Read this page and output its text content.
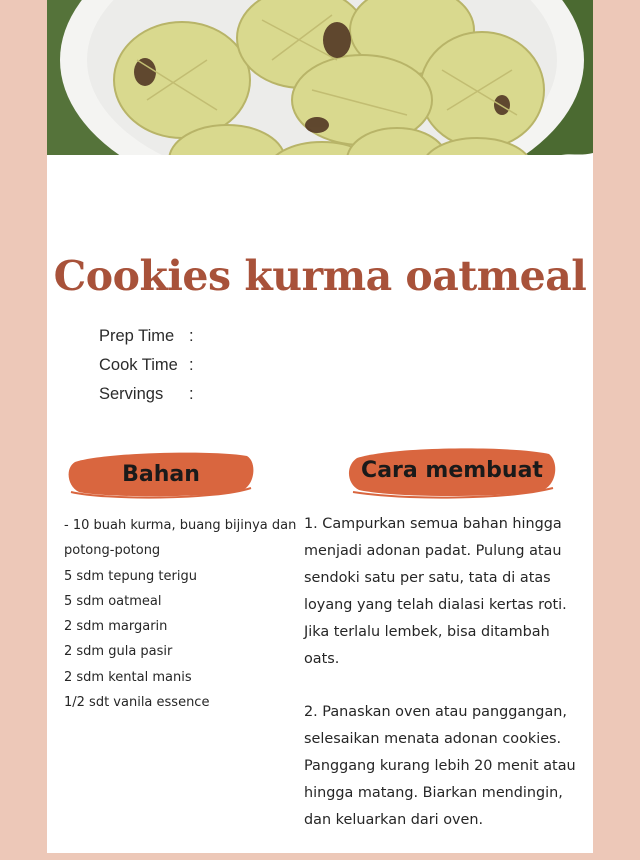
Cookies kurma oatmeal
Prep Time :
Cook Time :
Servings :
Bahan	Cara membuat
- 10 buah kurma, buang bijinya dan potong-potong
5 sdm tepung terigu
5 sdm oatmeal
2 sdm margarin
2 sdm gula pasir
2 sdm kental manis
1/2 sdt vanila essence

1. Campurkan semua bahan hingga menjadi adonan padat. Pulung atau sendoki satu per satu, tata di atas loyang yang telah dialasi kertas roti. Jika terlalu lembek, bisa ditambah oats.

2. Panaskan oven atau panggangan, selesaikan menata adonan cookies. Panggang kurang lebih 20 menit atau hingga matang. Biarkan mendingin, dan keluarkan dari oven.
